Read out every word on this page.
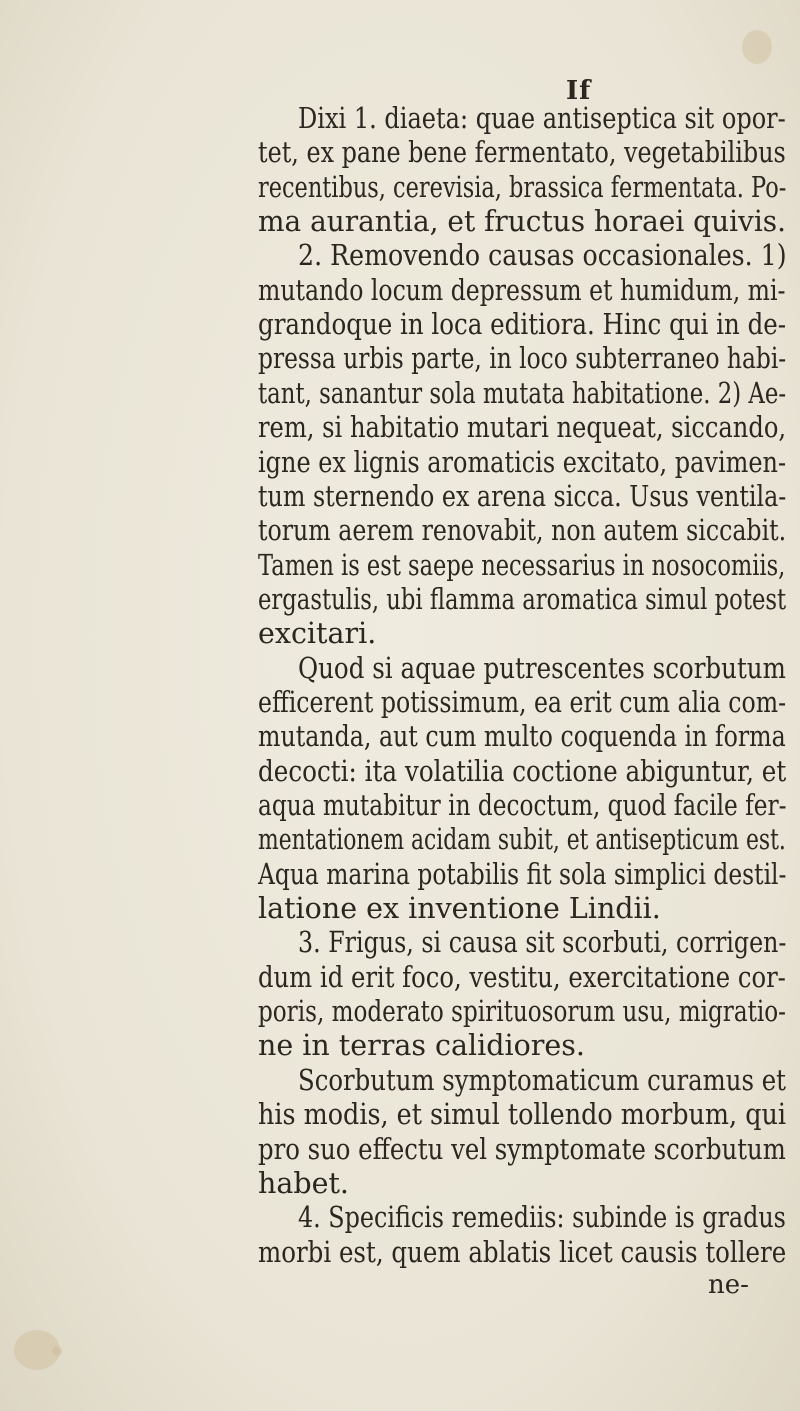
If
Dixi 1. diaeta: quae antiseptica sit opor-
tet, ex pane bene fermentato, vegetabilibus
recentibus, cerevisia, brassica fermentata. Po-
ma aurantia, et fructus horaei quivis.
2. Removendo causas occasionales. 1)
mutando locum depressum et humidum, mi-
grandoque in loca editiora. Hinc qui in de-
pressa urbis parte, in loco subterraneo habi-
tant, sanantur sola mutata habitatione. 2) Ae-
rem, si habitatio mutari nequeat, siccando,
igne ex lignis aromaticis excitato, pavimen-
tum sternendo ex arena sicca. Usus ventila-
torum aerem renovabit, non autem siccabit.
Tamen is est saepe necessarius in nosocomiis,
ergastulis, ubi flamma aromatica simul potest
excitari.
Quod si aquae putrescentes scorbutum
efficerent potissimum, ea erit cum alia com-
mutanda, aut cum multo coquenda in forma
decocti: ita volatilia coctione abiguntur, et
aqua mutabitur in decoctum, quod facile fer-
mentationem acidam subit, et antisepticum est.
Aqua marina potabilis fit sola simplici destil-
latione ex inventione Lindii.
3. Frigus, si causa sit scorbuti, corrigen-
dum id erit foco, vestitu, exercitatione cor-
poris, moderato spirituosorum usu, migratio-
ne in terras calidiores.
Scorbutum symptomaticum curamus et
his modis, et simul tollendo morbum, qui
pro suo effectu vel symptomate scorbutum
habet.
4. Specificis remediis: subinde is gradus
morbi est, quem ablatis licet causis tollere
ne-
